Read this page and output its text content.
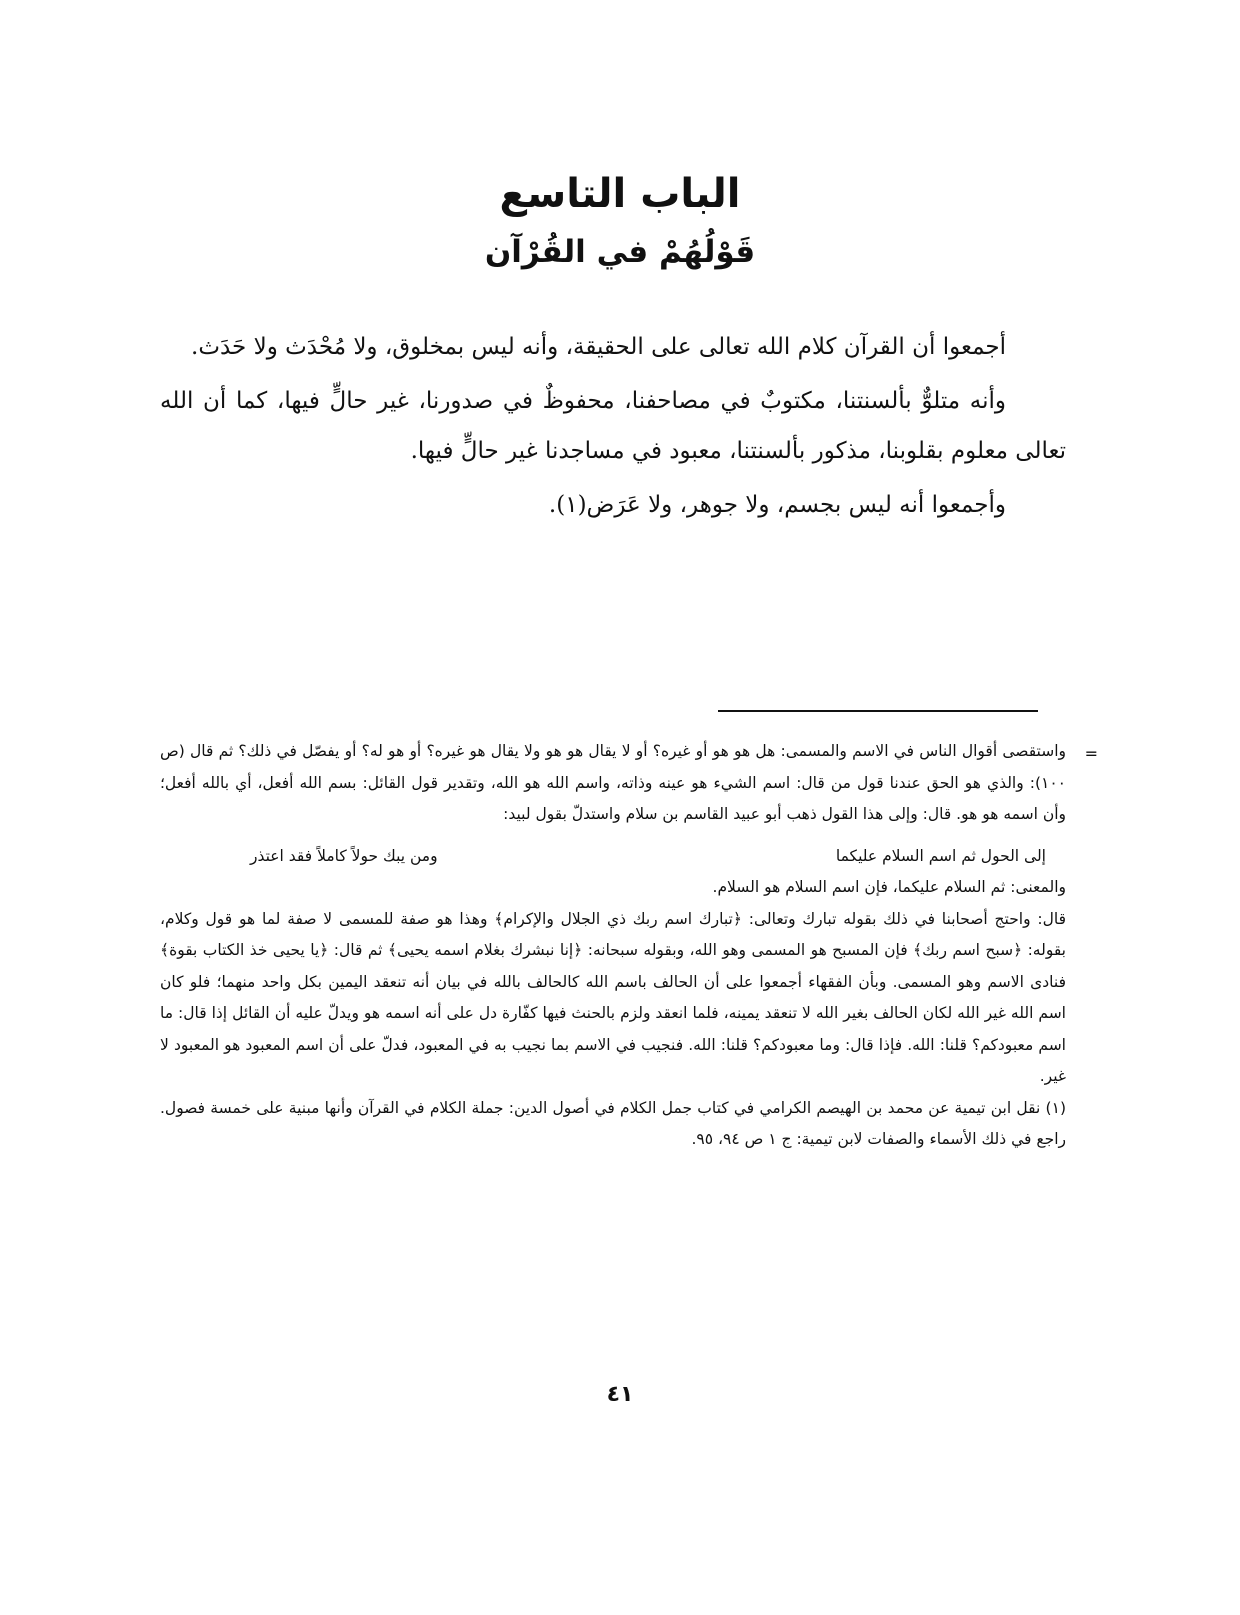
الباب التاسع
قَوْلُهُمْ في القُرْآن

أجمعوا أن القرآن كلام الله تعالى على الحقيقة، وأنه ليس بمخلوق، ولا مُحْدَث ولا حَدَث.

وأنه متلوٌّ بألسنتنا، مكتوبٌ في مصاحفنا، محفوظٌ في صدورنا، غير حالٍّ فيها، كما أن الله تعالى معلوم بقلوبنا، مذكور بألسنتنا، معبود في مساجدنا غير حالٍّ فيها.

وأجمعوا أنه ليس بجسم، ولا جوهر، ولا عَرَض(١).

=

واستقصى أقوال الناس في الاسم والمسمى: هل هو هو أو غيره؟ أو لا يقال هو هو ولا يقال هو غيره؟ أو هو له؟ أو يفصّل في ذلك؟ ثم قال (ص ١٠٠): والذي هو الحق عندنا قول من قال: اسم الشيء هو عينه وذاته، واسم الله هو الله، وتقدير قول القائل: بسم الله أفعل، أي بالله أفعل؛ وأن اسمه هو هو. قال: وإلى هذا القول ذهب أبو عبيد القاسم بن سلام واستدلّ بقول لبيد:

إلى الحول ثم اسم السلام عليكما
ومن يبك حولاً كاملاً فقد اعتذر

والمعنى: ثم السلام عليكما، فإن اسم السلام هو السلام.

قال: واحتج أصحابنا في ذلك بقوله تبارك وتعالى: ﴿تبارك اسم ربك ذي الجلال والإكرام﴾ وهذا هو صفة للمسمى لا صفة لما هو قول وكلام، بقوله: ﴿سبح اسم ربك﴾ فإن المسبح هو المسمى وهو الله، وبقوله سبحانه: ﴿إنا نبشرك بغلام اسمه يحيى﴾ ثم قال: ﴿يا يحيى خذ الكتاب بقوة﴾ فنادى الاسم وهو المسمى. وبأن الفقهاء أجمعوا على أن الحالف باسم الله كالحالف بالله في بيان أنه تنعقد اليمين بكل واحد منهما؛ فلو كان اسم الله غير الله لكان الحالف بغير الله لا تنعقد يمينه، فلما انعقد ولزم بالحنث فيها كفّارة دل على أنه اسمه هو ويدلّ عليه أن القائل إذا قال: ما اسم معبودكم؟ قلنا: الله. فإذا قال: وما معبودكم؟ قلنا: الله. فنجيب في الاسم بما نجيب به في المعبود، فدلّ على أن اسم المعبود هو المعبود لا غير.

(١) نقل ابن تيمية عن محمد بن الهيصم الكرامي في كتاب جمل الكلام في أصول الدين: جملة الكلام في القرآن وأنها مبنية على خمسة فصول. راجع في ذلك الأسماء والصفات لابن تيمية: ج ١ ص ٩٤، ٩٥.

٤١
